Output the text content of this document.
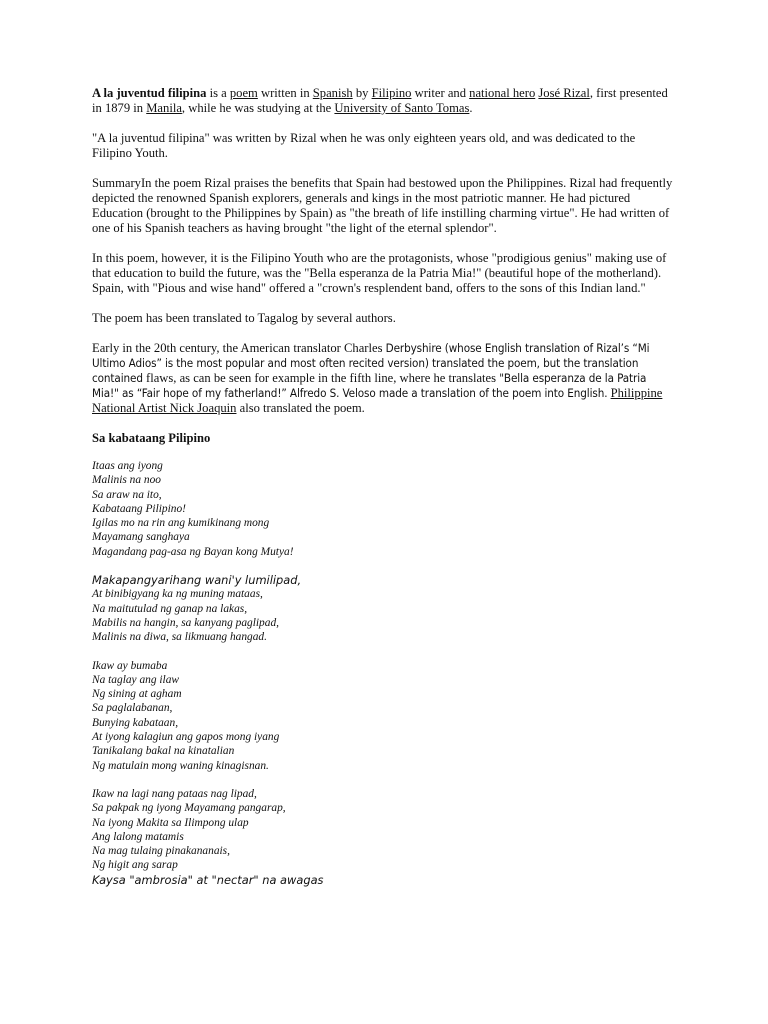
A la juventud filipina is a poem written in Spanish by Filipino writer and national hero José Rizal, first presented in 1879 in Manila, while he was studying at the University of Santo Tomas.

"A la juventud filipina" was written by Rizal when he was only eighteen years old, and was dedicated to the Filipino Youth.

SummaryIn the poem Rizal praises the benefits that Spain had bestowed upon the Philippines. Rizal had frequently depicted the renowned Spanish explorers, generals and kings in the most patriotic manner. He had pictured Education (brought to the Philippines by Spain) as "the breath of life instilling charming virtue". He had written of one of his Spanish teachers as having brought "the light of the eternal splendor".

In this poem, however, it is the Filipino Youth who are the protagonists, whose "prodigious genius" making use of that education to build the future, was the "Bella esperanza de la Patria Mia!" (beautiful hope of the motherland). Spain, with "Pious and wise hand" offered a "crown's resplendent band, offers to the sons of this Indian land."

The poem has been translated to Tagalog by several authors.

Early in the 20th century, the American translator Charles Derbyshire (whose English translation of Rizal’s “Mi Ultimo Adios” is the most popular and most often recited version) translated the poem, but the translation contained flaws, as can be seen for example in the fifth line, where he translates "Bella esperanza de la Patria Mia!" as “Fair hope of my fatherland!” Alfredo S. Veloso made a translation of the poem into English. Philippine National Artist Nick Joaquin also translated the poem.

Sa kabataang Pilipino
Itaas ang iyong
Malinis na noo
Sa araw na ito,
Kabataang Pilipino!
Igilas mo na rin ang kumikinang mong
Mayamang sanghaya
Magandang pag-asa ng Bayan kong Mutya!
Makapangyarihang wani'y lumilipad,
At binibigyang ka ng muning mataas,
Na maitutulad ng ganap na lakas,
Mabilis na hangin, sa kanyang paglipad,
Malinis na diwa, sa likmuang hangad.
Ikaw ay bumaba
Na taglay ang ilaw
Ng sining at agham
Sa paglalabanan,
Bunying kabataan,
At iyong kalagiun ang gapos mong iyang
Tanikalang bakal na kinatalian
Ng matulain mong waning kinagisnan.
Ikaw na lagi nang pataas nag lipad,
Sa pakpak ng iyong Mayamang pangarap,
Na iyong Makita sa Ilimpong ulap
Ang lalong matamis
Na mag tulaing pinakananais,
Ng higit ang sarap
Kaysa "ambrosia" at "nectar" na awagas
